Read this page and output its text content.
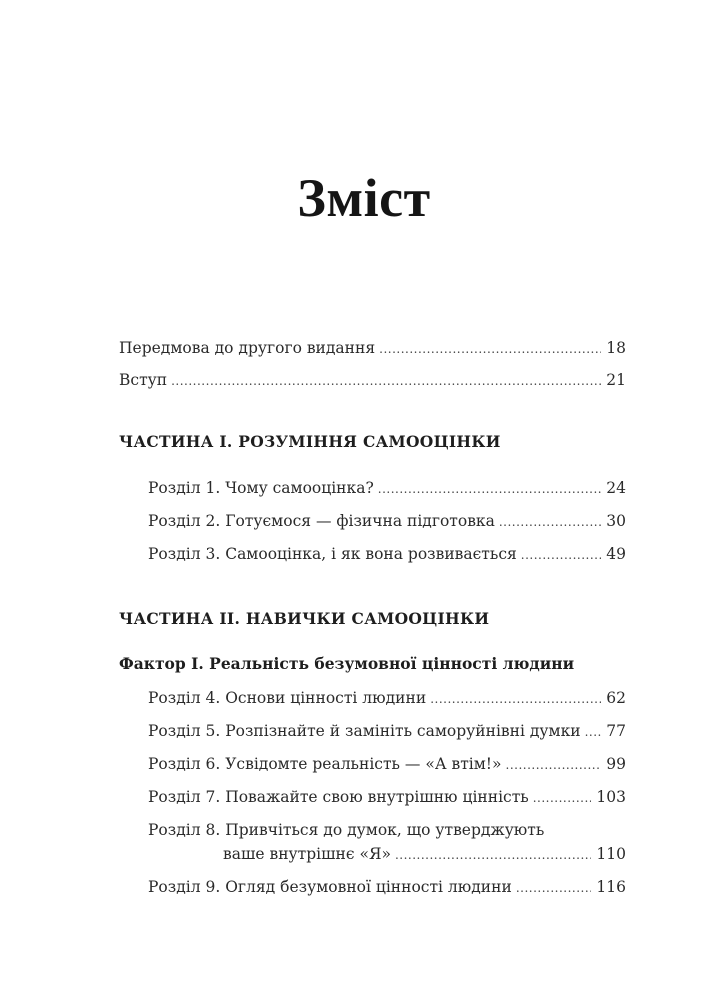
Зміст
Передмова до другого видання .....	18
Вступ .....	21
ЧАСТИНА І. РОЗУМІННЯ САМООЦІНКИ
Розділ 1. Чому самооцінка? .....	24
Розділ 2. Готуємося — фізична підготовка .....	30
Розділ 3. Самооцінка, і як вона розвивається .....	49
ЧАСТИНА ІІ. НАВИЧКИ САМООЦІНКИ
Фактор І. Реальність безумовної цінності людини
Розділ 4. Основи цінності людини .....	62
Розділ 5. Розпізнайте й замініть саморуйнівні думки .....	77
Розділ 6. Усвідомте реальність — «А втім!» .....	99
Розділ 7. Поважайте свою внутрішню цінність .....	103
Розділ 8. Привчіться до думок, що утверджують
ваше внутрішнє «Я» .....	110
Розділ 9. Огляд безумовної цінності людини .....	116
